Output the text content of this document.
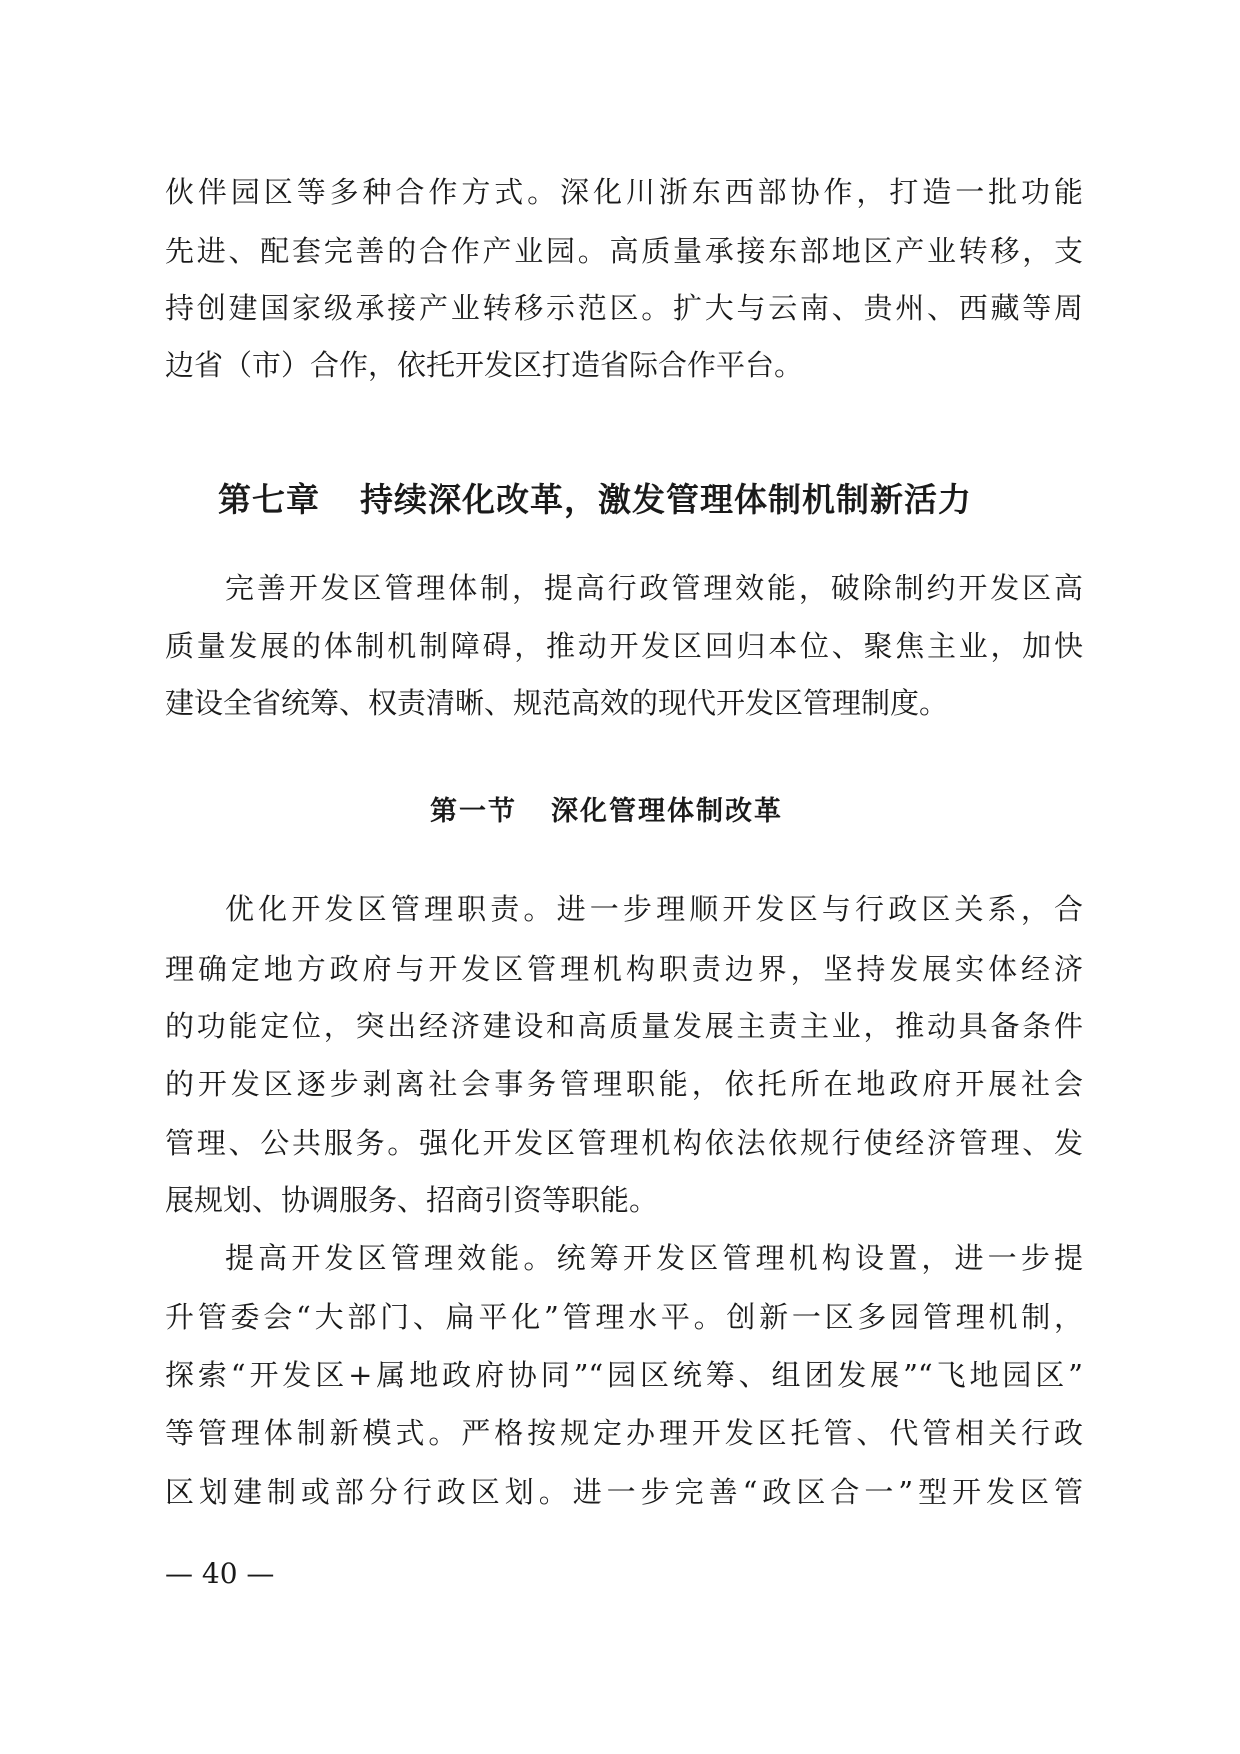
伙伴园区等多种合作方式。深化川浙东西部协作，打造一批功能
先进、配套完善的合作产业园。高质量承接东部地区产业转移，支
持创建国家级承接产业转移示范区。扩大与云南、贵州、西藏等周
边省（市）合作，依托开发区打造省际合作平台。
第七章 持续深化改革，激发管理体制机制新活力
完善开发区管理体制，提高行政管理效能，破除制约开发区高
质量发展的体制机制障碍，推动开发区回归本位、聚焦主业，加快
建设全省统筹、权责清晰、规范高效的现代开发区管理制度。
第一节 深化管理体制改革
优化开发区管理职责。进一步理顺开发区与行政区关系，合
理确定地方政府与开发区管理机构职责边界，坚持发展实体经济
的功能定位，突出经济建设和高质量发展主责主业，推动具备条件
的开发区逐步剥离社会事务管理职能，依托所在地政府开展社会
管理、公共服务。强化开发区管理机构依法依规行使经济管理、发
展规划、协调服务、招商引资等职能。
提高开发区管理效能。统筹开发区管理机构设置，进一步提
升管委会“大部门、扁平化”管理水平。创新一区多园管理机制，
探索“开发区+属地政府协同”“园区统筹、组团发展”“飞地园区”
等管理体制新模式。严格按规定办理开发区托管、代管相关行政
区划建制或部分行政区划。进一步完善“政区合一”型开发区管
— 40 —
